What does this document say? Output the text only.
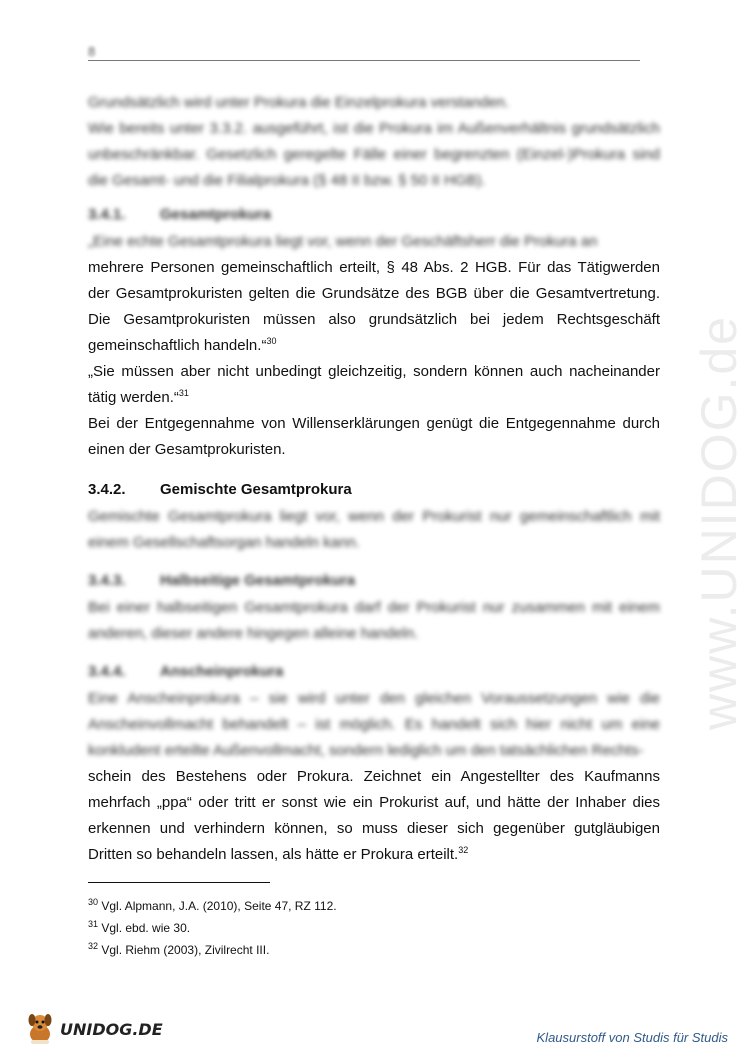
8
www.UNIDOG.de

Grundsätzlich wird unter Prokura die Einzelprokura verstanden.

Wie bereits unter 3.3.2. ausgeführt, ist die Prokura im Außenverhältnis grundsätzlich unbeschränkbar. Gesetzlich geregelte Fälle einer begrenzten (Einzel-)Prokura sind die Gesamt- und die Filialprokura (§ 48 II bzw. § 50 II HGB).

3.4.1.	Gesamtprokura

„Eine echte Gesamtprokura liegt vor, wenn der Geschäftsherr die Prokura an

mehrere Personen gemeinschaftlich erteilt, § 48 Abs. 2 HGB. Für das Tätigwerden der Gesamtprokuristen gelten die Grundsätze des BGB über die Gesamtvertretung. Die Gesamtprokuristen müssen also grundsätzlich bei jedem Rechtsgeschäft gemeinschaftlich handeln.“$^{30}$

„Sie müssen aber nicht unbedingt gleichzeitig, sondern können auch nacheinander tätig werden.“$^{31}$

Bei der Entgegennahme von Willenserklärungen genügt die Entgegennahme durch einen der Gesamtprokuristen.

3.4.2.	Gemischte Gesamtprokura

Gemischte Gesamtprokura liegt vor, wenn der Prokurist nur gemeinschaftlich mit einem Gesellschaftsorgan handeln kann.

3.4.3.	Halbseitige Gesamtprokura

Bei einer halbseitigen Gesamtprokura darf der Prokurist nur zusammen mit einem anderen, dieser andere hingegen alleine handeln.

3.4.4.	Anscheinprokura

Eine Anscheinprokura – sie wird unter den gleichen Voraussetzungen wie die Anscheinvollmacht behandelt – ist möglich. Es handelt sich hier nicht um eine konkludent erteilte Außenvollmacht, sondern lediglich um den tatsächlichen Rechts-

schein des Bestehens oder Prokura. Zeichnet ein Angestellter des Kaufmanns mehrfach „ppa“ oder tritt er sonst wie ein Prokurist auf, und hätte der Inhaber dies erkennen und verhindern können, so muss dieser sich gegenüber gutgläubigen Dritten so behandeln lassen, als hätte er Prokura erteilt.$^{32}$

$^{30}$ Vgl. Alpmann, J.A. (2010), Seite 47, RZ 112.
$^{31}$ Vgl. ebd. wie 30.
$^{32}$ Vgl. Riehm (2003), Zivilrecht III.
UNIDOG.DE	Klausurstoff von Studis für Studis
